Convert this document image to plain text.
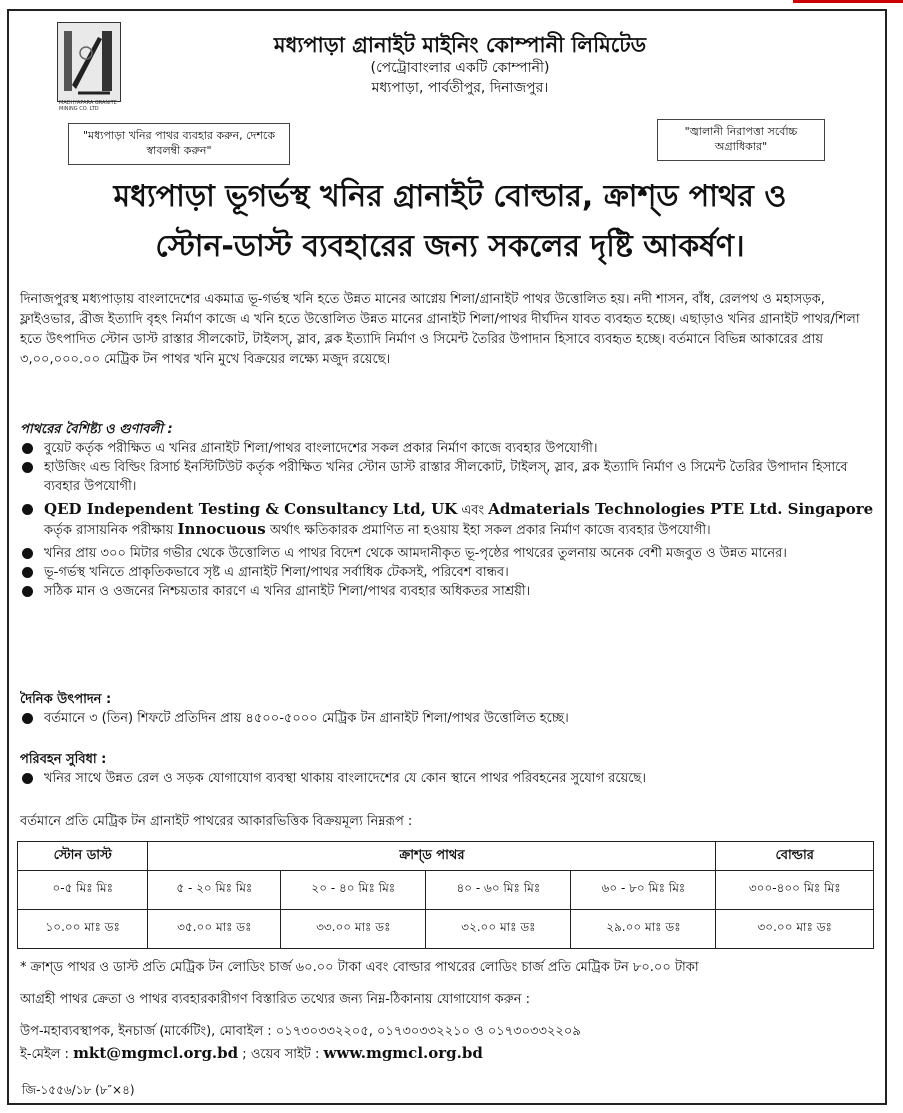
MADHYAPARA GRANITE MINING CO. LTD
মধ্যপাড়া গ্রানাইট মাইনিং কোম্পানী লিমিটেড
(পেট্রোবাংলার একটি কোম্পানী)
মধ্যপাড়া, পার্বতীপুর, দিনাজপুর।
"মধ্যপাড়া খনির পাথর ব্যবহার করুন, দেশকে স্বাবলম্বী করুন"
"জ্বালানী নিরাপত্তা সর্বোচ্চ অগ্রাধিকার"
মধ্যপাড়া ভূগর্ভস্থ খনির গ্রানাইট বোল্ডার, ক্রাশ্ড পাথর ও
স্টোন-ডাস্ট ব্যবহারের জন্য সকলের দৃষ্টি আকর্ষণ।
দিনাজপুরস্থ মধ্যপাড়ায় বাংলাদেশের একমাত্র ভূ-গর্ভস্থ খনি হতে উন্নত মানের আগ্নেয় শিলা/গ্রানাইট পাথর উত্তোলিত হয়। নদী শাসন, বাঁধ, রেলপথ ও মহাসড়ক, ফ্লাইওভার, ব্রীজ ইত্যাদি বৃহৎ নির্মাণ কাজে এ খনি হতে উত্তোলিত উন্নত মানের গ্রানাইট শিলা/পাথর দীর্ঘদিন যাবত ব্যবহৃত হচ্ছে। এছাড়াও খনির গ্রানাইট পাথর/শিলা হতে উৎপাদিত স্টোন ডাস্ট রাস্তার সীলকোট, টাইলস্, স্লাব, ব্লক ইত্যাদি নির্মাণ ও সিমেন্ট তৈরির উপাদান হিসাবে ব্যবহৃত হচ্ছে। বর্তমানে বিভিন্ন আকারের প্রায় ৩,০০,০০০.০০ মেট্রিক টন পাথর খনি মুখে বিক্রয়ের লক্ষ্যে মজুদ রয়েছে।
পাথরের বৈশিষ্ট্য ও গুণাবলী :
বুয়েট কর্তৃক পরীক্ষিত এ খনির গ্রানাইট শিলা/পাথর বাংলাদেশের সকল প্রকার নির্মাণ কাজে ব্যবহার উপযোগী।
হাউজিং এন্ড বিল্ডিং রিসার্চ ইনস্টিটিউট কর্তৃক পরীক্ষিত খনির স্টোন ডাস্ট রাস্তার সীলকোট, টাইলস্, স্লাব, ব্লক ইত্যাদি নির্মাণ ও সিমেন্ট তৈরির উপাদান হিসাবে ব্যবহার উপযোগী।
QED Independent Testing & Consultancy Ltd, UK এবং Admaterials Technologies PTE Ltd. Singapore কর্তৃক রাসায়নিক পরীক্ষায় Innocuous অর্থাৎ ক্ষতিকারক প্রমাণিত না হওয়ায় ইহা সকল প্রকার নির্মাণ কাজে ব্যবহার উপযোগী।
খনির প্রায় ৩০০ মিটার গভীর থেকে উত্তোলিত এ পাথর বিদেশ থেকে আমদানীকৃত ভূ-পৃষ্ঠের পাথরের তুলনায় অনেক বেশী মজবুত ও উন্নত মানের।
ভূ-গর্ভস্থ খনিতে প্রাকৃতিকভাবে সৃষ্ট এ গ্রানাইট শিলা/পাথর সর্বাধিক টেকসই, পরিবেশ বান্ধব।
সঠিক মান ও ওজনের নিশ্চয়তার কারণে এ খনির গ্রানাইট শিলা/পাথর ব্যবহার অধিকতর সাশ্রয়ী।
দৈনিক উৎপাদন :
বর্তমানে ৩ (তিন) শিফটে প্রতিদিন প্রায় ৪৫০০-৫০০০ মেট্রিক টন গ্রানাইট শিলা/পাথর উত্তোলিত হচ্ছে।
পরিবহন সুবিধা :
খনির সাথে উন্নত রেল ও সড়ক যোগাযোগ ব্যবস্থা থাকায় বাংলাদেশের যে কোন স্থানে পাথর পরিবহনের সুযোগ রয়েছে।
বর্তমানে প্রতি মেট্রিক টন গ্রানাইট পাথরের আকারভিত্তিক বিক্রয়মূল্য নিম্নরূপ :
স্টোন ডাস্ট	ক্রাশ্ড পাথর				বোল্ডার
০-৫ মিঃ মিঃ	৫ - ২০ মিঃ মিঃ	২০ - ৪০ মিঃ মিঃ	৪০ - ৬০ মিঃ মিঃ	৬০ - ৮০ মিঃ মিঃ	৩০০-৪০০ মিঃ মিঃ
১০.০০ মাঃ ডঃ	৩৫.০০ মাঃ ডঃ	৩৩.০০ মাঃ ডঃ	৩২.০০ মাঃ ডঃ	২৯.০০ মাঃ ডঃ	৩০.০০ মাঃ ডঃ
* ক্রাশ্ড পাথর ও ডাস্ট প্রতি মেট্রিক টন লোডিং চার্জ ৬০.০০ টাকা এবং বোল্ডার পাথরের লোডিং চার্জ প্রতি মেট্রিক টন ৮০.০০ টাকা
আগ্রহী পাথর ক্রেতা ও পাথর ব্যবহারকারীগণ বিস্তারিত তথ্যের জন্য নিম্ন-ঠিকানায় যোগাযোগ করুন :
উপ-মহাব্যবস্থাপক, ইনচার্জ (মার্কেটিং), মোবাইল : ০১৭৩০৩৩২২০৫, ০১৭৩০৩৩২২১০ ও ০১৭৩০৩৩২২০৯
ই-মেইল : mkt@mgmcl.org.bd ; ওয়েব সাইট : www.mgmcl.org.bd
জি-১৫৫৬/১৮ (৮″×৪)
